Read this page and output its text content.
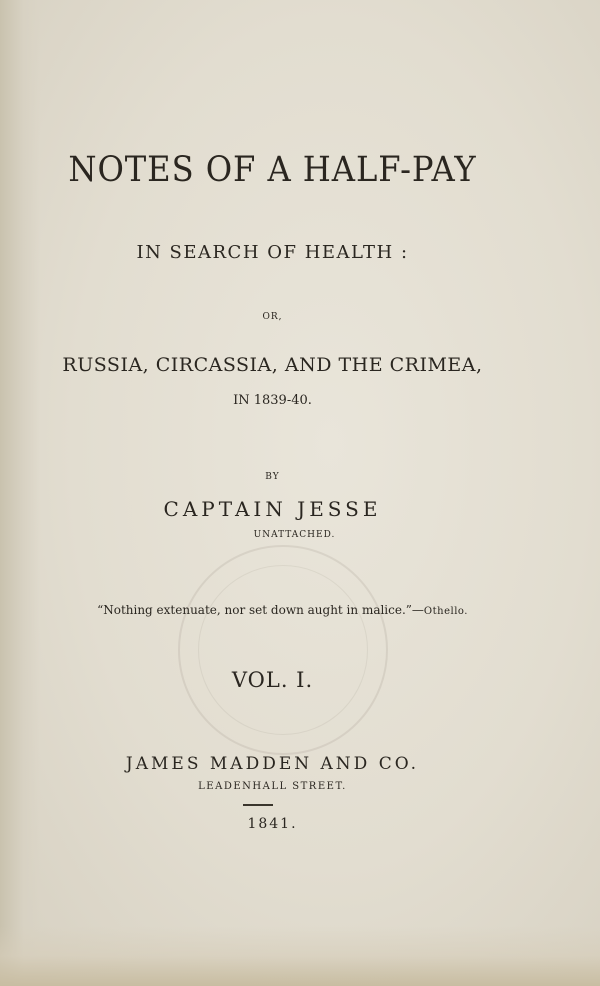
NOTES OF A HALF-PAY
IN SEARCH OF HEALTH :
OR,
RUSSIA, CIRCASSIA, AND THE CRIMEA,
IN 1839-40.
BY
CAPTAIN JESSE
UNATTACHED.
“Nothing extenuate, nor set down aught in malice.”—Othello.
VOL. I.
JAMES MADDEN AND CO.
LEADENHALL STREET.
1841.
